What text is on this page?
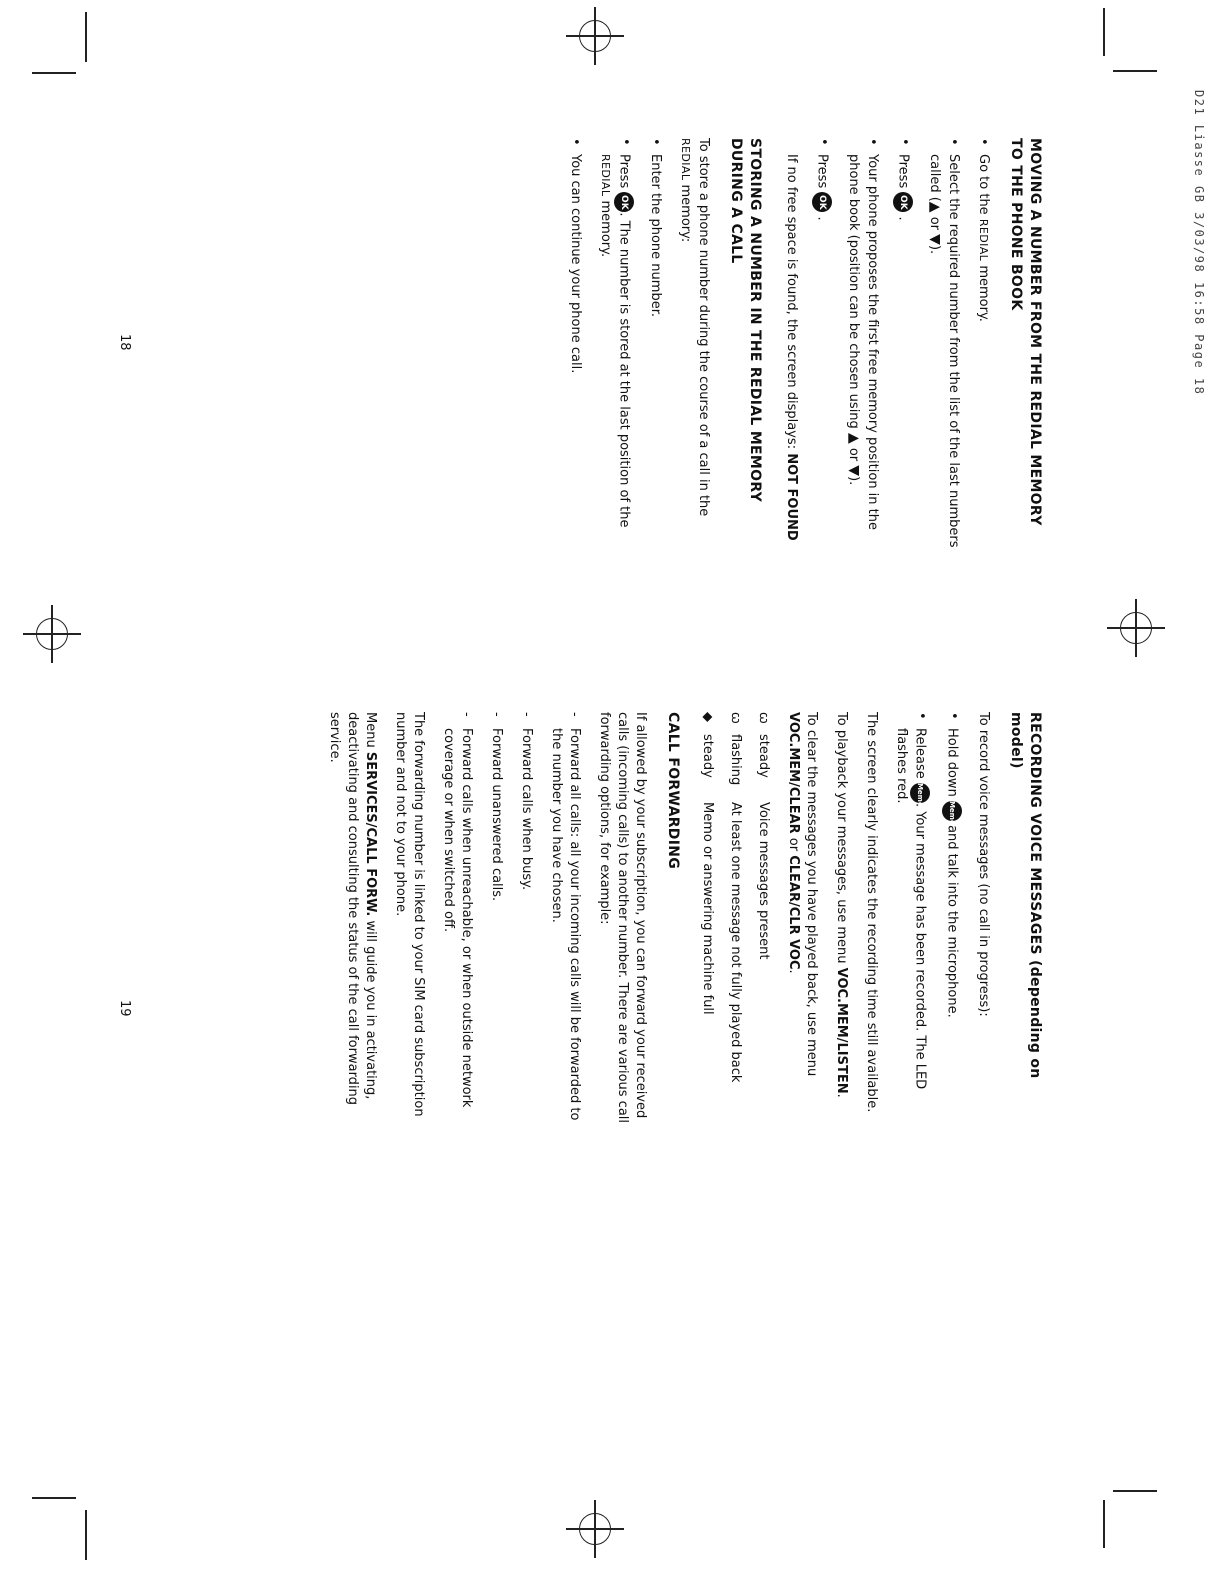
D21 Liasse GB 3/03/98 16:58 Page 18
MOVING A NUMBER FROM THE REDIAL MEMORY TO THE PHONE BOOK
•
Go to the REDIAL memory.
•
Select the required number from the list of the last numbers called (▲ or ▼).
•
Press OK .
•
Your phone proposes the first free memory position in the phone book (position can be chosen using ▲ or ▼).
•
Press OK .

If no free space is found, the screen displays: NOT FOUND

STORING A NUMBER IN THE REDIAL MEMORY DURING A CALL

To store a phone number during the course of a call in the REDIAL memory:

•
Enter the phone number.
•
Press OK. The number is stored at the last position of the REDIAL memory.
•
You can continue your phone call.
18
RECORDING VOICE MESSAGES (depending on model)

To record voice messages (no call in progress):

•
Hold down Memo and talk into the microphone.
•
Release Memo. Your message has been recorded. The LED flashes red.

The screen clearly indicates the recording time still available.

To playback your messages, use menu VOC.MEM/LISTEN.

To clear the messages you have played back, use menu VOC.MEM/CLEAR or CLEAR/CLR VOC.

ꞷ
steady
Voice messages present
ꞷ
flashing
At least one message not fully played back
◆
steady
Memo or answering machine full
CALL FORWARDING

If allowed by your subscription, you can forward your received calls (incoming calls) to another number. There are various call forwarding options, for example:

-
Forward all calls: all your incoming calls will be forwarded to the number you have chosen.
-
Forward calls when busy.
-
Forward unanswered calls.
-
Forward calls when unreachable, or when outside network coverage or when switched off.

The forwarding number is linked to your SIM card subscription number and not to your phone.

Menu SERVICES/CALL FORW. will guide you in activating, deactivating and consulting the status of the call forwarding service.

19
